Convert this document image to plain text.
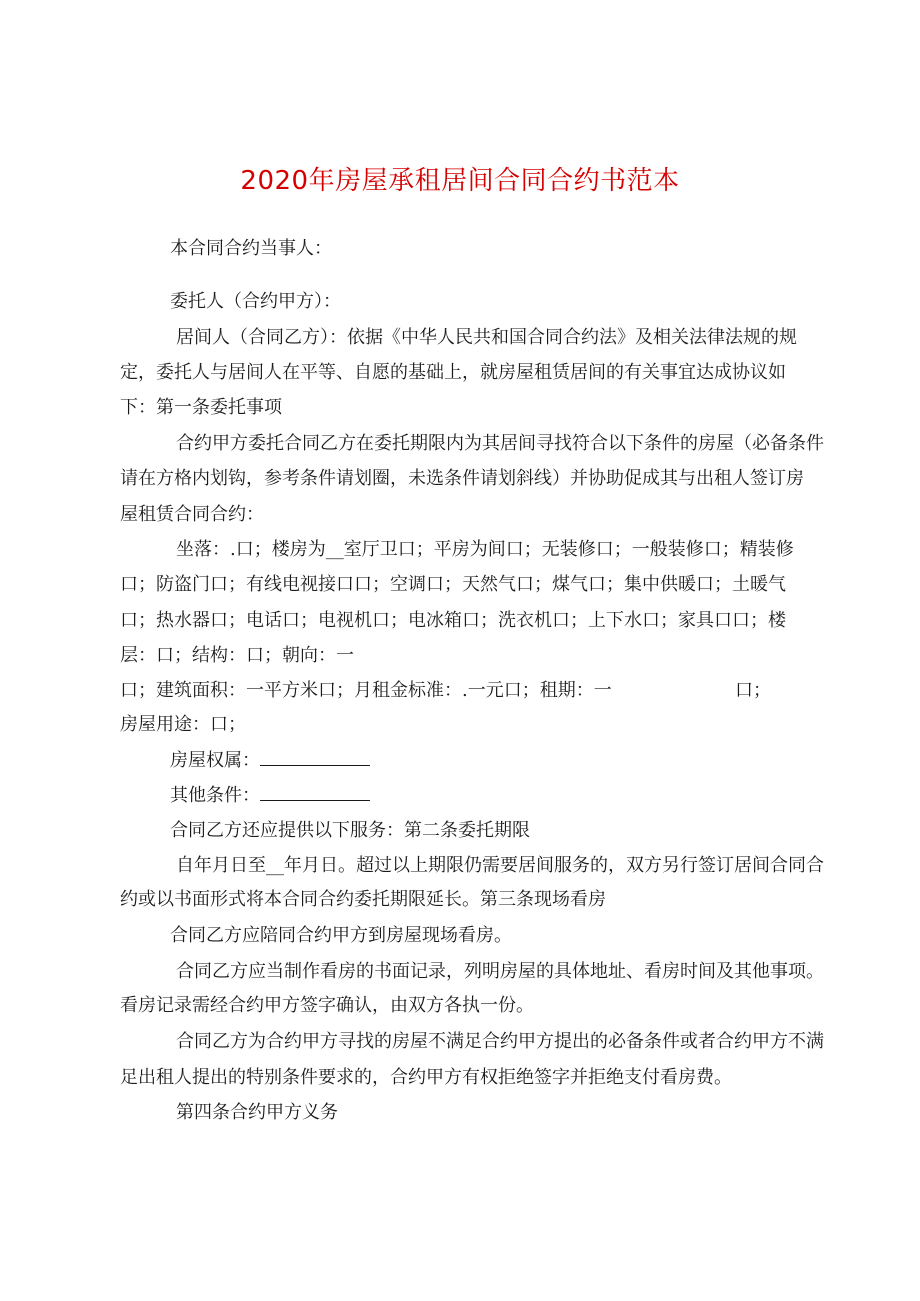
2020年房屋承租居间合同合约书范本
本合同合约当事人：
委托人（合约甲方）：
居间人（合同乙方）：依据《中华人民共和国合同合约法》及相关法律法规的规
定，委托人与居间人在平等、自愿的基础上，就房屋租赁居间的有关事宜达成协议如
下：第一条委托事项
合约甲方委托合同乙方在委托期限内为其居间寻找符合以下条件的房屋（必备条件
请在方格内划钩，参考条件请划圈，未选条件请划斜线）并协助促成其与出租人签订房
屋租赁合同合约：
坐落：.口；楼房为__室厅卫口；平房为间口；无装修口；一般装修口；精装修
口；防盗门口；有线电视接口口；空调口；天然气口；煤气口；集中供暖口；土暖气
口；热水器口；电话口；电视机口；电冰箱口；洗衣机口；上下水口；家具口口；楼
层：口；结构：口；朝向：一
口；建筑面积：一平方米口；月租金标准：.一元口；租期：一	口；
房屋用途：口；
房屋权属：
其他条件：
合同乙方还应提供以下服务：第二条委托期限
自年月日至__年月日。超过以上期限仍需要居间服务的，双方另行签订居间合同合
约或以书面形式将本合同合约委托期限延长。第三条现场看房
合同乙方应陪同合约甲方到房屋现场看房。
合同乙方应当制作看房的书面记录，列明房屋的具体地址、看房时间及其他事项。
看房记录需经合约甲方签字确认，由双方各执一份。
合同乙方为合约甲方寻找的房屋不满足合约甲方提出的必备条件或者合约甲方不满
足出租人提出的特别条件要求的，合约甲方有权拒绝签字并拒绝支付看房费。
第四条合约甲方义务
